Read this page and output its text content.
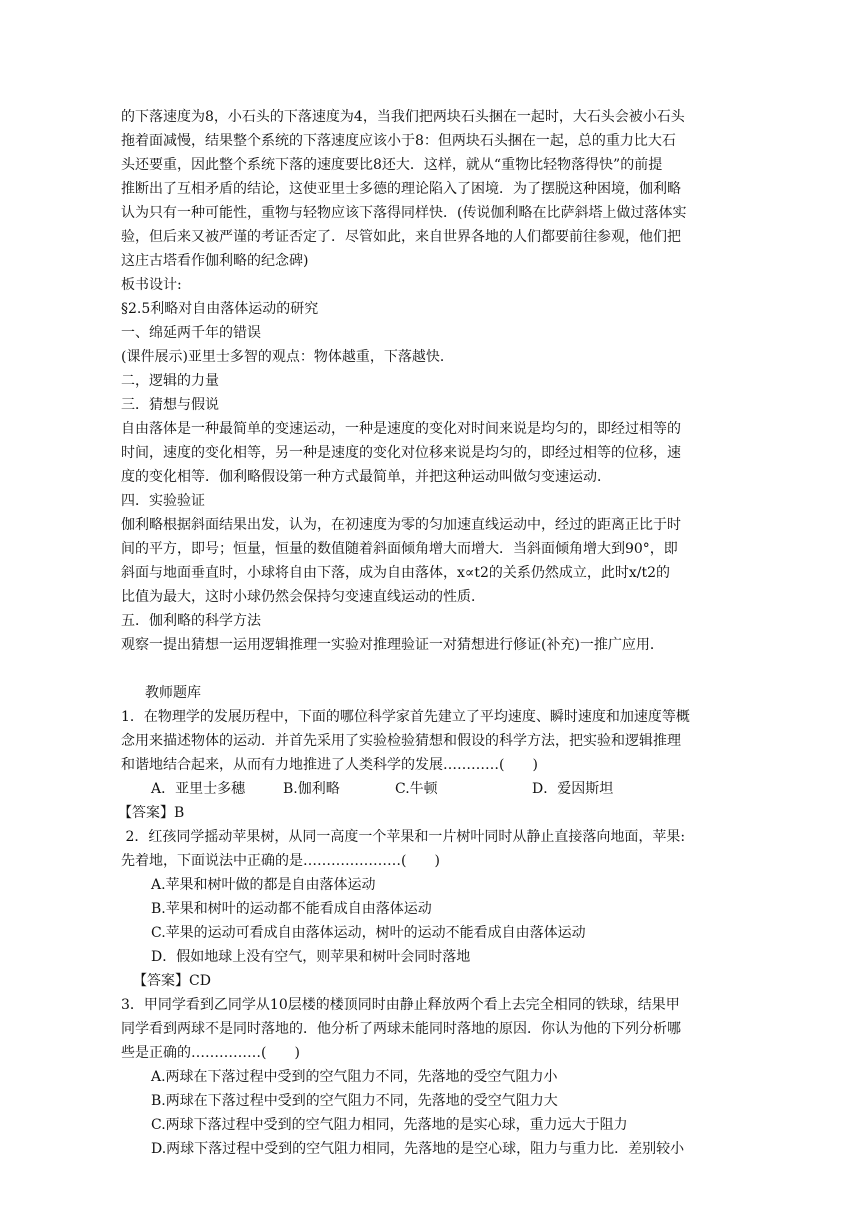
的下落速度为8，小石头的下落速度为4，当我们把两块石头捆在一起时，大石头会被小石头
拖着面减慢，结果整个系统的下落速度应该小于8：但两块石头捆在一起，总的重力比大石
头还要重，因此整个系统下落的速度要比8还大．这样，就从“重物比轻物落得快”的前提
推断出了互相矛盾的结论，这使亚里士多德的理论陷入了困境．为了摆脱这种困境，伽利略
认为只有一种可能性，重物与轻物应该下落得同样快．(传说伽利略在比萨斜塔上做过落体实
验，但后来又被严谨的考证否定了．尽管如此，来自世界各地的人们都要前往参观，他们把
这庄古塔看作伽利略的纪念碑)
板书设计:
§2.5利略对自由落体运动的研究
一、绵延两千年的错误
(课件展示)亚里士多智的观点：物体越重，下落越快．
二，逻辑的力量
三．猜想与假说
自由落体是一种最简单的变速运动，一种是速度的变化对时间来说是均匀的，即经过相等的
时间，速度的变化相等，另一种是速度的变化对位移来说是均匀的，即经过相等的位移，速
度的变化相等．伽利略假设第一种方式最简单，并把这种运动叫做匀变速运动．
四．实验验证
伽利略根据斜面结果出发，认为，在初速度为零的匀加速直线运动中，经过的距离正比于时
间的平方，即号；恒量，恒量的数值随着斜面倾角增大而增大．当斜面倾角增大到90°，即
斜面与地面垂直时，小球将自由下落，成为自由落体，x∝t2的关系仍然成立，此时x/t2的
比值为最大，这时小球仍然会保持匀变速直线运动的性质．
五．伽利略的科学方法
观察一提出猜想一运用逻辑推理一实验对推理验证一对猜想进行修证(补充)一推广应用．
教师题库
1．在物理学的发展历程中，下面的哪位科学家首先建立了平均速度、瞬时速度和加速度等概
念用来描述物体的运动．并首先采用了实验检验猜想和假设的科学方法，把实验和逻辑推理
和谐地结合起来，从而有力地推进了人类科学的发展…………(　　)
A．亚里士多穗	B.伽利略	C.牛顿	D．爱因斯坦
【答案】B
2．红孩同学摇动苹果树，从同一高度一个苹果和一片树叶同时从静止直接落向地面，苹果:
先着地，下面说法中正确的是…………………(　　)
A.苹果和树叶做的都是自由落体运动
B.苹果和树叶的运动都不能看成自由落体运动
C.苹果的运动可看成自由落体运动，树叶的运动不能看成自由落体运动
D．假如地球上没有空气，则苹果和树叶会同时落地
【答案】CD
3．甲同学看到乙同学从10层楼的楼顶同时由静止释放两个看上去完全相同的铁球，结果甲
同学看到两球不是同时落地的．他分析了两球未能同时落地的原因．你认为他的下列分析哪
些是正确的……………(　　)
A.两球在下落过程中受到的空气阻力不同，先落地的受空气阻力小
B.两球在下落过程中受到的空气阻力不同，先落地的受空气阻力大
C.两球下落过程中受到的空气阻力相同，先落地的是实心球，重力远大于阻力
D.两球下落过程中受到的空气阻力相同，先落地的是空心球，阻力与重力比．差别较小
